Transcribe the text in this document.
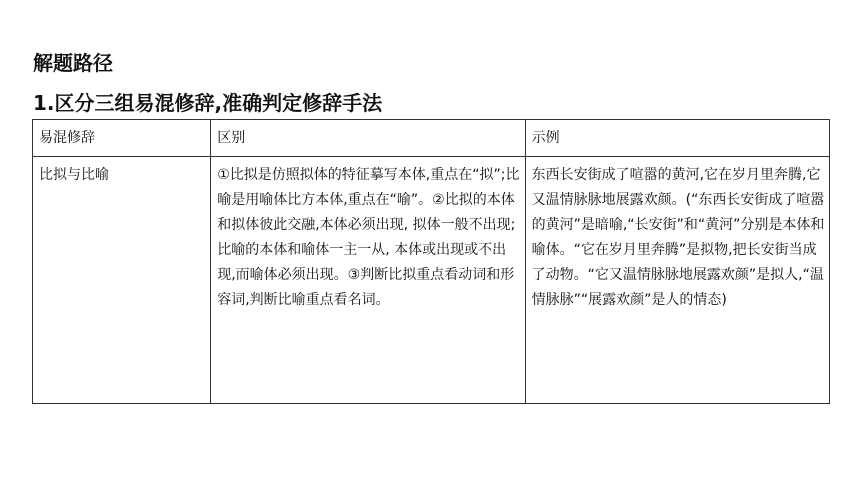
解题路径
1.区分三组易混修辞,准确判定修辞手法
易混修辞	区别	示例
比拟与比喻	①比拟是仿照拟体的特征摹写本体,重点在“拟”;比喻是用喻体比方本体,重点在“喻”。②比拟的本体和拟体彼此交融,本体必须出现, 拟体一般不出现;比喻的本体和喻体一主一从, 本体或出现或不出现,而喻体必须出现。③判断比拟重点看动词和形容词,判断比喻重点看名词。	东西长安街成了喧嚣的黄河,它在岁月里奔腾,它又温情脉脉地展露欢颜。(“东西长安街成了喧嚣的黄河”是暗喻,“长安街”和“黄河”分别是本体和喻体。“它在岁月里奔腾”是拟物,把长安街当成了动物。“它又温情脉脉地展露欢颜”是拟人,“温情脉脉”“展露欢颜”是人的情态)
